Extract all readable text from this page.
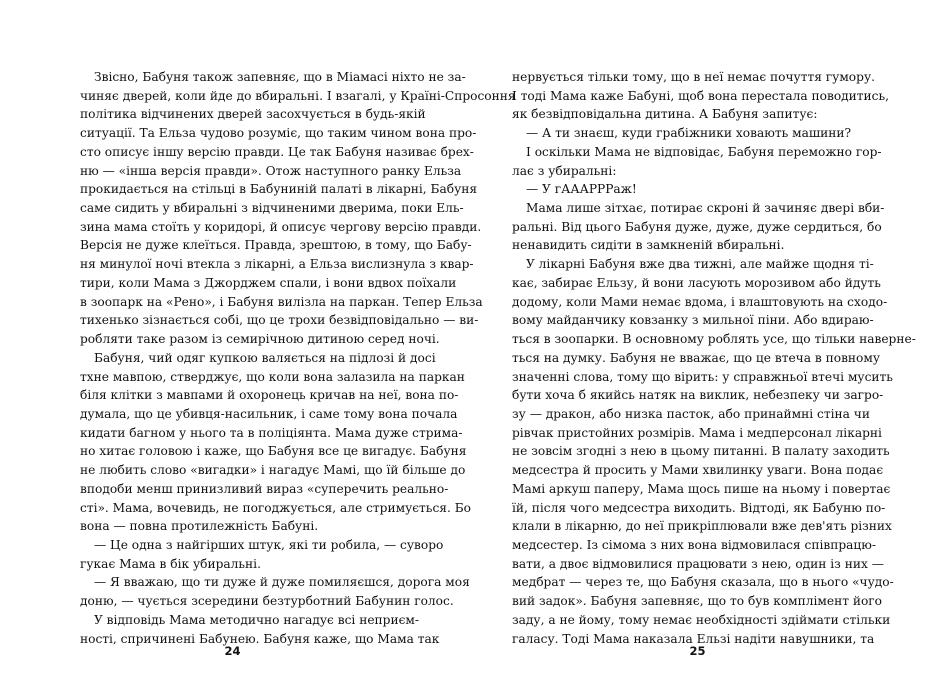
Звісно, Бабуня також запевняє, що в Міамасі ніхто не за-
чиняє дверей, коли йде до вбиральні. І взагалі, у Країні-Спросоння
політика відчинених дверей засохчується в будь-якій
ситуації. Та Ельза чудово розуміє, що таким чином вона про-
сто описує іншу версію правди. Це так Бабуня називає брех-
ню — «інша версія правди». Отож наступного ранку Ельза
прокидається на стільці в Бабуниній палаті в лікарні, Бабуня
саме сидить у вбиральні з відчиненими дверима, поки Ель-
зина мама стоїть у коридорі, й описує чергову версію правди.
Версія не дуже клеїться. Правда, зрештою, в тому, що Бабу-
ня минулої ночі втекла з лікарні, а Ельза вислизнула з квар-
тири, коли Мама з Джорджем спали, і вони вдвох поїхали
в зоопарк на «Рено», і Бабуня вилізла на паркан. Тепер Ельза
тихенько зізнається собі, що це трохи безвідповідально — ви-
робляти таке разом із семирічною дитиною серед ночі.
Бабуня, чий одяг купкою валяється на підлозі й досі
тхне мавпою, стверджує, що коли вона залазила на паркан
біля клітки з мавпами й охоронець кричав на неї, вона по-
думала, що це убивця-насильник, і саме тому вона почала
кидати багном у нього та в поліціянта. Мама дуже стрима-
но хитає головою і каже, що Бабуня все це вигадує. Бабуня
не любить слово «вигадки» і нагадує Мамі, що їй більше до
вподоби менш принизливий вираз «суперечить реально-
сті». Мама, вочевидь, не погоджується, але стримується. Бо
вона — повна протилежність Бабуні.
— Це одна з найгірших штук, які ти робила, — суворо
гукає Мама в бік убиральні.
— Я вважаю, що ти дуже й дуже помиляєшся, дорога моя
доню, — чується зсередини безтурботний Бабунин голос.
У відповідь Мама методично нагадує всі неприєм-
ності, спричинені Бабунею. Бабуня каже, що Мама так
24
нервується тільки тому, що в неї немає почуття гумору.
І тоді Мама каже Бабуні, щоб вона перестала поводитись,
як безвідповідальна дитина. А Бабуня запитує:
— А ти знаєш, куди грабіжники ховають машини?
І оскільки Мама не відповідає, Бабуня переможно гор-
лає з убиральні:
— У гАААРРРаж!
Мама лише зітхає, потирає скроні й зачиняє двері вби-
ральні. Від цього Бабуня дуже, дуже, дуже сердиться, бо
ненавидить сидіти в замкненій вбиральні.
У лікарні Бабуня вже два тижні, але майже щодня ті-
кає, забирає Ельзу, й вони ласують морозивом або йдуть
додому, коли Мами немає вдома, і влаштовують на сходо-
вому майданчику ковзанку з мильної піни. Або вдираю-
ться в зоопарки. В основному роблять усе, що тільки наверне-
ться на думку. Бабуня не вважає, що це втеча в повному
значенні слова, тому що вірить: у справжньої втечі мусить
бути хоча б якийсь натяк на виклик, небезпеку чи загро-
зу — дракон, або низка пасток, або принаймні стіна чи
рівчак пристойних розмірів. Мама і медперсонал лікарні
не зовсім згодні з нею в цьому питанні. В палату заходить
медсестра й просить у Мами хвилинку уваги. Вона подає
Мамі аркуш паперу, Мама щось пише на ньому і повертає
їй, після чого медсестра виходить. Відтоді, як Бабуню по-
клали в лікарню, до неї прикріплювали вже дев'ять різних
медсестер. Із сімома з них вона відмовилася співпрацю-
вати, а двоє відмовилися працювати з нею, один із них —
медбрат — через те, що Бабуня сказала, що в нього «чудо-
вий задок». Бабуня запевняє, що то був комплімент його
заду, а не йому, тому немає необхідності здіймати стільки
галасу. Тоді Мама наказала Ельзі надіти навушники, та
25
